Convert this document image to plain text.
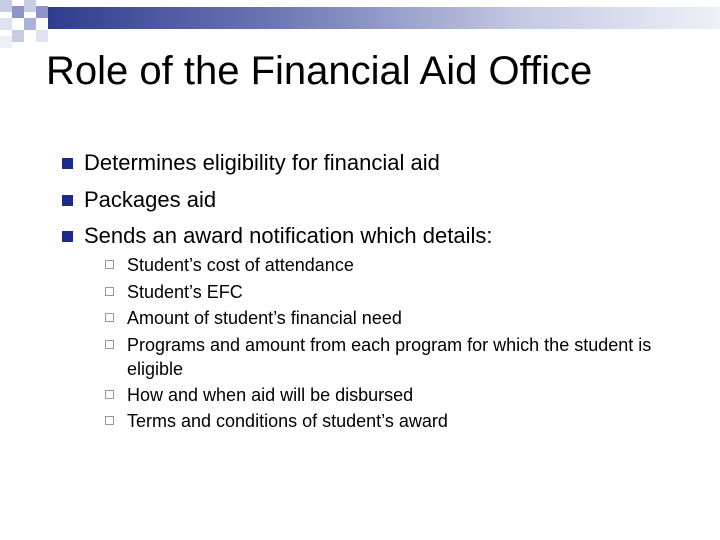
Role of the Financial Aid Office
Determines eligibility for financial aid
Packages aid
Sends an award notification which details:
Student’s cost of attendance
Student’s EFC
Amount of student’s financial need
Programs and amount from each program for which the student is eligible
How and when aid will be disbursed
Terms and conditions of student’s award
